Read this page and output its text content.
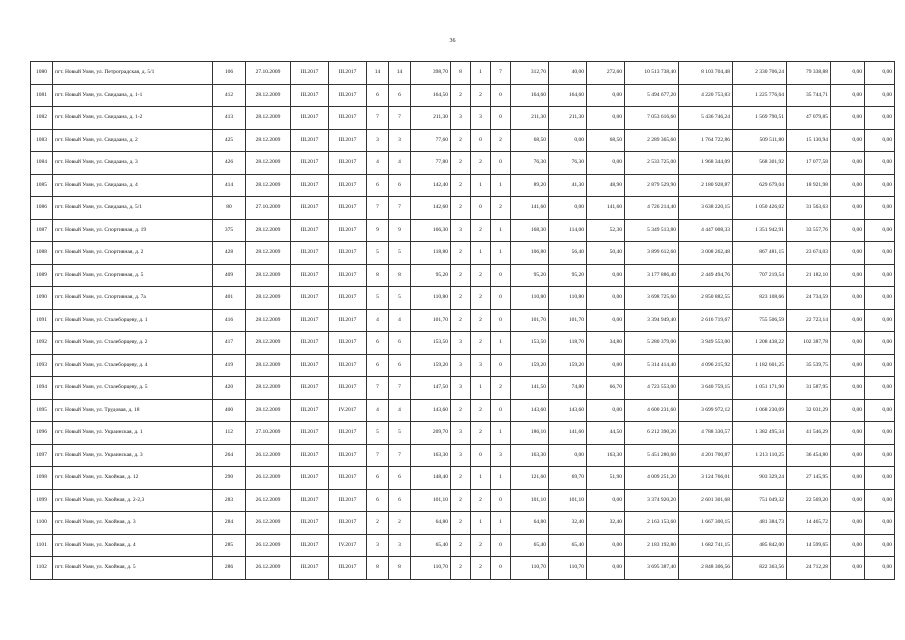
36
1080	пгт. Новый Уоян, ул. Петроградская, д. 5/1	106	27.10.2009	III.2017	III.2017	14	14	398,70	8	1	7	312,70	40,00	272,60	10 513 738,40	8 103 704,48	2 330 706,24	79 338,88	0,00	0,00
1081	пгт. Новый Уоян, ул. Свидаана, д. 1-1	412	28.12.2009	III.2017	III.2017	6	6	164,50	2	2	0	164,60	164,60	0,00	5 494 677,20	4 220 753,83	1 225 776,64	35 744,71	0,00	0,00
1082	пгт. Новый Уоян, ул. Свидаана, д. 1-2	413	28.12.2009	III.2017	III.2017	7	7	211,30	3	3	0	211,30	211,30	0,00	7 053 616,60	5 436 746,24	1 569 790,51	47 079,85	0,00	0,00
1083	пгт. Новый Уоян, ул. Свидаана, д. 2	425	28.12.2009	III.2017	III.2017	3	3	77,60	2	0	2	68,50	0,00	68,50	2 289 365,60	1 764 722,86	509 511,80	15 130,94	0,00	0,00
1084	пгт. Новый Уоян, ул. Свидаана, д. 3	426	28.12.2009	III.2017	III.2017	4	4	77,80	2	2	0	76,30	76,30	0,00	2 533 725,00	1 968 344,09	568 301,92	17 077,58	0,00	0,00
1085	пгт. Новый Уоян, ул. Свидаана, д. 4	414	28.12.2009	III.2017	III.2017	6	6	142,40	2	1	1	89,20	41,30	48,90	2 879 529,90	2 180 928,87	629 679,04	18 921,98	0,00	0,00
1086	пгт. Новый Уоян, ул. Свидаана, д. 5/1	80	27.10.2009	III.2017	III.2017	7	7	142,60	2	0	2	141,60	0,00	141,60	4 726 214,40	3 638 220,15	1 050 426,02	31 563,63	0,00	0,00
1087	пгт. Новый Уоян, ул. Спортивная, д. 19	375	28.12.2009	III.2017	III.2017	9	9	166,30	3	2	1	168,30	114,00	52,30	5 349 513,80	4 447 008,33	1 351 942,91	33 557,76	0,00	0,00
1088	пгт. Новый Уоян, ул. Спортивная, д. 2	428	28.12.2009	III.2017	III.2017	5	5	118,80	2	1	1	106,80	56,40	50,40	3 899 612,60	3 008 262,48	867 481,15	23 674,03	0,00	0,00
1089	пгт. Новый Уоян, ул. Спортивная, д. 5	409	28.12.2009	III.2017	III.2017	8	8	95,20	2	2	0	95,20	95,20	0,00	3 177 886,40	2 449 494,76	707 219,54	21 182,10	0,00	0,00
1090	пгт. Новый Уоян, ул. Спортивная, д. 7а	401	28.12.2009	III.2017	III.2017	5	5	110,80	2	2	0	110,80	110,80	0,00	3 698 725,60	2 850 882,55	823 108,66	24 734,59	0,00	0,00
1091	пгт. Новый Уоян, ул. Сталеборцеву, д. 1	416	28.12.2009	III.2017	III.2017	4	4	101,70	2	2	0	101,70	101,70	0,00	3 394 949,40	2 616 719,67	755 506,59	22 723,14	0,00	0,00
1092	пгт. Новый Уоян, ул. Сталеборцеву, д. 2	417	28.12.2009	III.2017	III.2017	6	6	153,50	3	2	1	153,50	118,70	34,80	5 280 379,00	3 949 553,00	1 208 438,22	102 387,78	0,00	0,00
1093	пгт. Новый Уоян, ул. Сталеборцеву, д. 4	419	28.12.2009	III.2017	III.2017	6	6	159,20	3	3	0	159,20	159,20	0,00	5 314 414,40	4 096 215,92	1 182 601,25	35 539,75	0,00	0,00
1094	пгт. Новый Уоян, ул. Сталеборцеву, д. 5	420	28.12.2009	III.2017	III.2017	7	7	147,50	3	1	2	141,50	74,80	66,70	4 723 553,00	3 640 759,15	1 051 171,90	31 587,95	0,00	0,00
1095	пгт. Новый Уоян, ул. Трудовая, д. 18	400	28.12.2009	III.2017	IV.2017	4	4	143,60	2	2	0	143,60	143,60	0,00	4 600 231,60	3 699 972,12	1 068 230,09	32 031,29	0,00	0,00
1096	пгт. Новый Уоян, ул. Украинская, д. 1	112	27.10.2009	III.2017	III.2017	5	5	209,70	3	2	1	186,10	141,60	44,50	6 212 390,20	4 788 330,57	1 382 495,34	41 546,29	0,00	0,00
1097	пгт. Новый Уоян, ул. Украинская, д. 3	264	26.12.2009	III.2017	III.2017	7	7	163,30	3	0	3	163,30	0,00	163,30	5 451 280,60	4 201 700,87	1 213 110,25	36 454,80	0,00	0,00
1098	пгт. Новый Уоян, ул. Хвойная, д. 12	290	26.12.2009	III.2017	III.2017	6	6	148,40	2	1	1	121,60	69,70	51,90	4 009 251,20	3 124 766,01	903 329,24	27 145,95	0,00	0,00
1099	пгт. Новый Уоян, ул. Хвойная, д. 2-2,3	283	26.12.2009	III.2017	III.2017	6	6	101,10	2	2	0	101,10	101,10	0,00	3 374 920,20	2 601 301,68	751 049,32	22 569,20	0,00	0,00
1100	пгт. Новый Уоян, ул. Хвойная, д. 3	284	26.12.2009	III.2017	III.2017	2	2	64,80	2	1	1	64,80	32,40	32,40	2 163 153,60	1 667 300,15	481 384,73	14 465,72	0,00	0,00
1101	пгт. Новый Уоян, ул. Хвойная, д. 4	285	26.12.2009	III.2017	IV.2017	3	3	65,40	2	2	0	65,40	65,40	0,00	2 183 192,80	1 682 741,15	485 842,00	14 599,65	0,00	0,00
1102	пгт. Новый Уоян, ул. Хвойная, д. 5	286	26.12.2009	III.2017	III.2017	8	8	110,70	2	2	0	110,70	110,70	0,00	3 695 387,40	2 848 306,56	822 363,56	24 712,28	0,00	0,00
